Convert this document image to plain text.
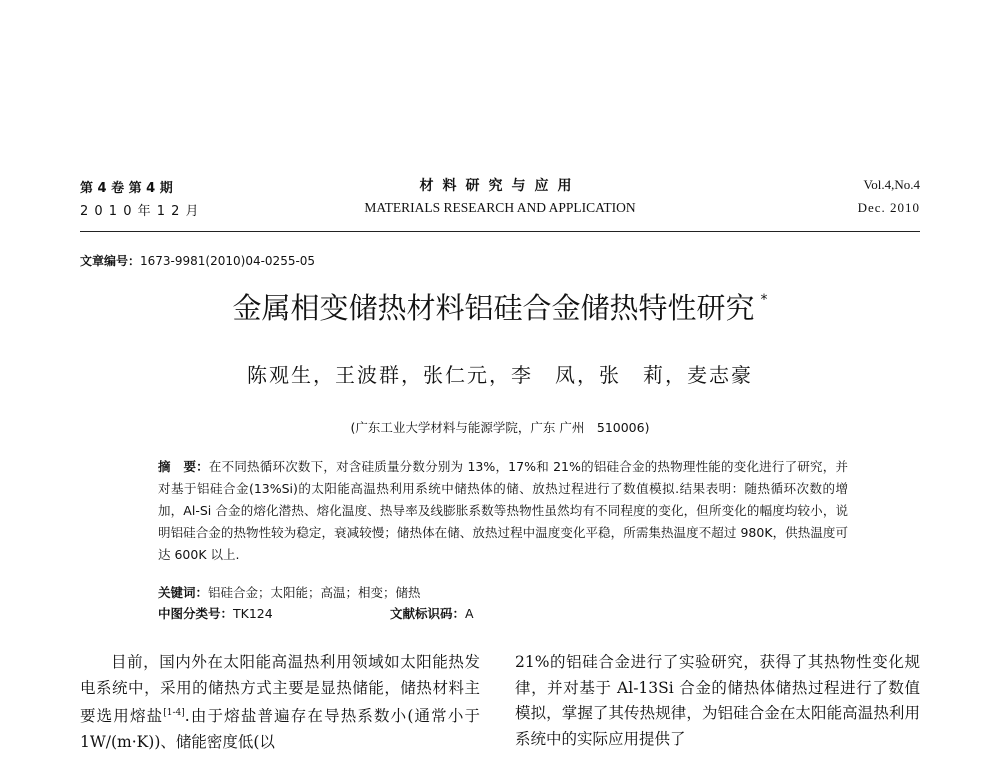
第 4 卷 第 4 期
2 0 1 0 年 1 2 月
材料研究与应用
MATERIALS RESEARCH AND APPLICATION
Vol.4,No.4
Dec. 2010
文章编号：1673-9981(2010)04-0255-05
金属相变储热材料铝硅合金储热特性研究 *
陈观生，王波群，张仁元，李　凤，张　莉，麦志豪
(广东工业大学材料与能源学院，广东 广州　510006)
摘　要：在不同热循环次数下，对含硅质量分数分别为 13%，17%和 21%的铝硅合金的热物理性能的变化进行了研究，并对基于铝硅合金(13%Si)的太阳能高温热利用系统中储热体的储、放热过程进行了数值模拟.结果表明：随热循环次数的增加，Al-Si 合金的熔化潜热、熔化温度、热导率及线膨胀系数等热物性虽然均有不同程度的变化，但所变化的幅度均较小，说明铝硅合金的热物性较为稳定，衰减较慢；储热体在储、放热过程中温度变化平稳，所需集热温度不超过 980K，供热温度可达 600K 以上.
关键词：铝硅合金；太阳能；高温；相变；储热
中图分类号：TK124	文献标识码：A
目前，国内外在太阳能高温热利用领域如太阳能热发电系统中，采用的储热方式主要是显热储能，储热材料主要选用熔盐[1-4].由于熔盐普遍存在导热系数小(通常小于 1W/(m·K))、储能密度低(以
21%的铝硅合金进行了实验研究，获得了其热物性变化规律，并对基于 Al-13Si 合金的储热体储热过程进行了数值模拟，掌握了其传热规律，为铝硅合金在太阳能高温热利用系统中的实际应用提供了
